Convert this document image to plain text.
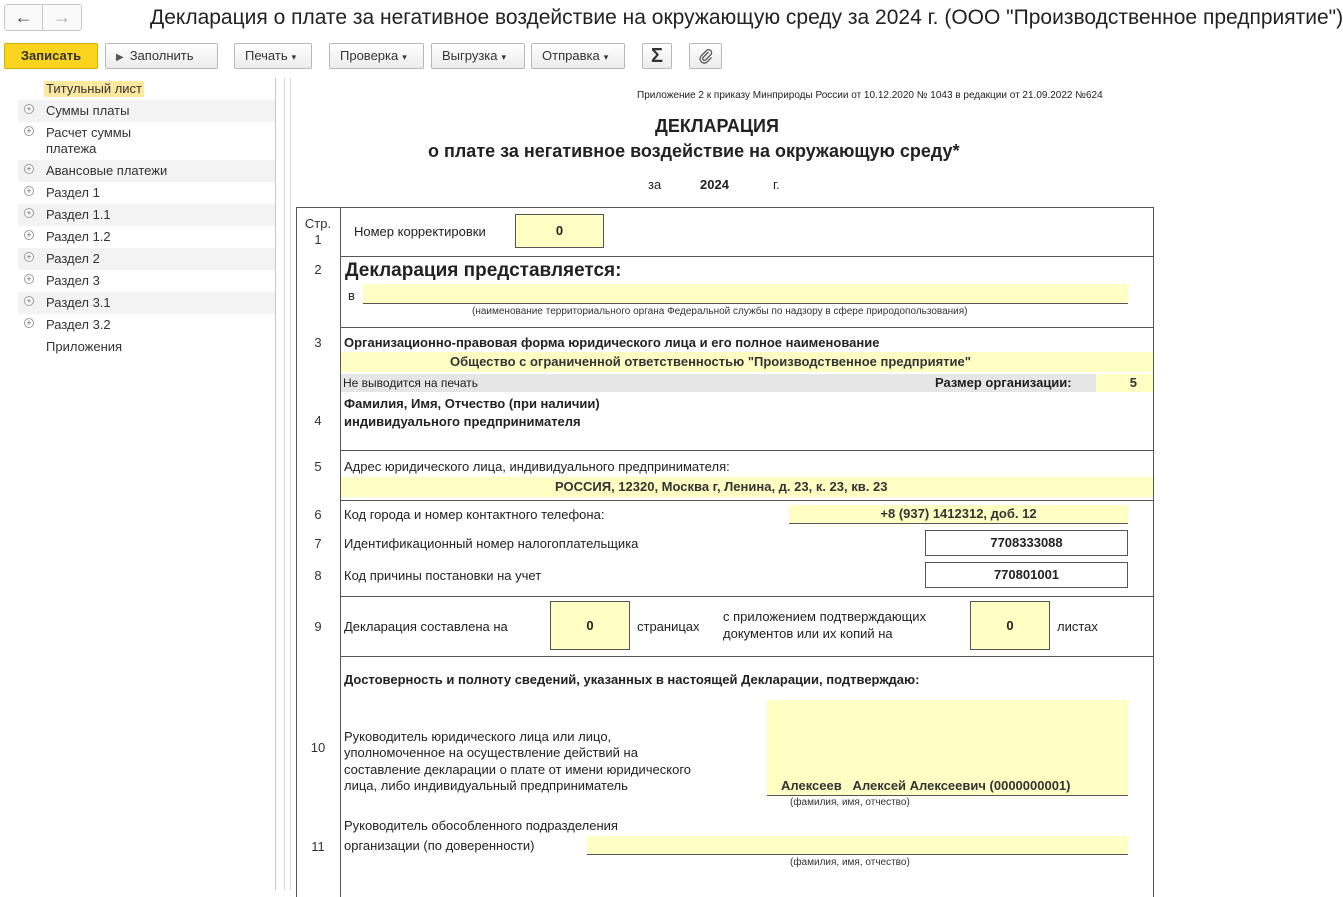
←	→	Декларация о плате за негативное воздействие на окружающую среду за 2024 г. (ООО "Производственное предприятие")
Записать	▶ Заполнить	Печать ▾	Проверка ▾	Выгрузка ▾	Отправка ▾	Σ
Титульный лист
+ Суммы платы
+ Расчет суммы
платежа
+ Авансовые платежи
+ Раздел 1
+ Раздел 1.1
+ Раздел 1.2
+ Раздел 2
+ Раздел 3
+ Раздел 3.1
+ Раздел 3.2
Приложения
Приложение 2 к приказу Минприроды России от 10.12.2020 № 1043 в редакции от 21.09.2022 №624
ДЕКЛАРАЦИЯ
о плате за негативное воздействие на окружающую среду*
за	2024	г.
Стр.
1
Номер корректировки	0
2	Декларация представляется:
в
(наименование территориального органа Федеральной службы по надзору в сфере природопользования)
3	Организационно-правовая форма юридического лица и его полное наименование
Общество с ограниченной ответственностью "Производственное предприятие"
Не выводится на печать	Размер организации:	5
4
Фамилия, Имя, Отчество (при наличии)
индивидуального предпринимателя
5	Адрес юридического лица, индивидуального предпринимателя:
РОССИЯ, 12320, Москва г, Ленина, д. 23, к. 23, кв. 23
6	Код города и номер контактного телефона:	+8 (937) 1412312, доб. 12
7	Идентификационный номер налогоплательщика	7708333088
8	Код причины постановки на учет	770801001
9	Декларация составлена на	0	страницах
с приложением подтверждающих
документов или их копий на
0	листах
Достоверность и полноту сведений, указанных в настоящей Декларации, подтверждаю:
10
Руководитель юридического лица или лицо,
уполномоченное на осуществление действий на
составление декларации о плате от имени юридического
лица, либо индивидуальный предприниматель	Алексеев   Алексей Алексеевич (0000000001)
(фамилия, имя, отчество)
Руководитель обособленного подразделения
11	организации (по доверенности)
(фамилия, имя, отчество)
